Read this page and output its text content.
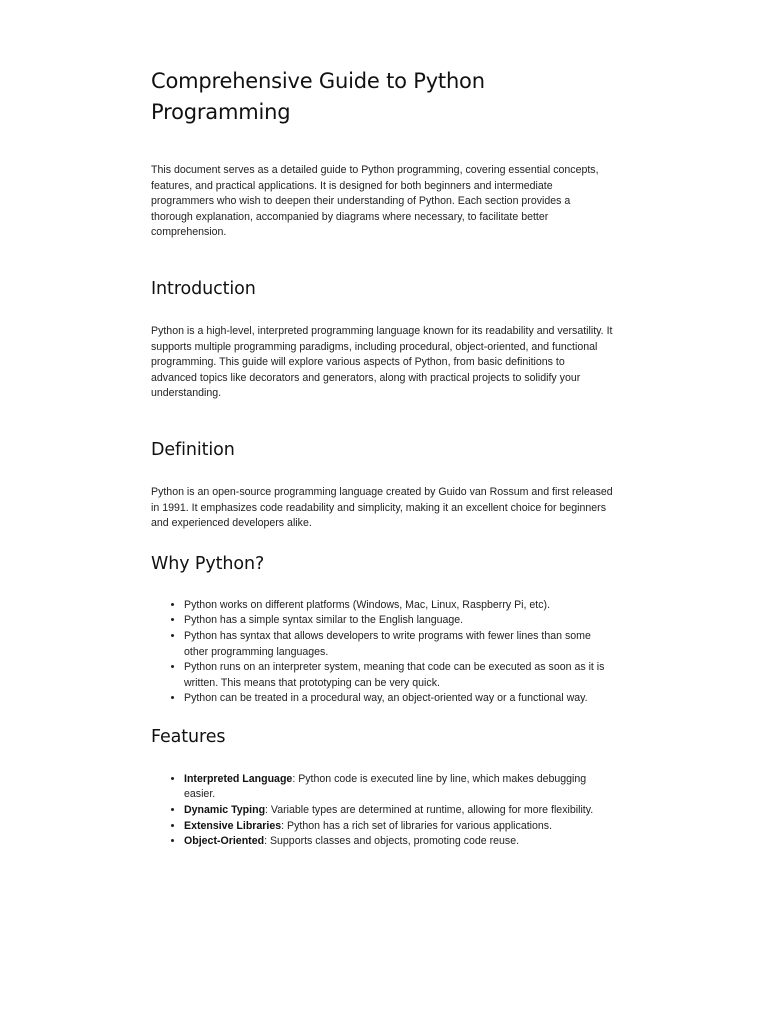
Comprehensive Guide to Python Programming

This document serves as a detailed guide to Python programming, covering essential concepts, features, and practical applications. It is designed for both beginners and intermediate programmers who wish to deepen their understanding of Python. Each section provides a thorough explanation, accompanied by diagrams where necessary, to facilitate better comprehension.

Introduction

Python is a high-level, interpreted programming language known for its readability and versatility. It supports multiple programming paradigms, including procedural, object-oriented, and functional programming. This guide will explore various aspects of Python, from basic definitions to advanced topics like decorators and generators, along with practical projects to solidify your understanding.

Definition

Python is an open-source programming language created by Guido van Rossum and first released in 1991. It emphasizes code readability and simplicity, making it an excellent choice for beginners and experienced developers alike.

Why Python?
• Python works on different platforms (Windows, Mac, Linux, Raspberry Pi, etc).
• Python has a simple syntax similar to the English language.
• Python has syntax that allows developers to write programs with fewer lines than some other programming languages.
• Python runs on an interpreter system, meaning that code can be executed as soon as it is written. This means that prototyping can be very quick.
• Python can be treated in a procedural way, an object-oriented way or a functional way.
Features
• Interpreted Language: Python code is executed line by line, which makes debugging easier.
• Dynamic Typing: Variable types are determined at runtime, allowing for more flexibility.
• Extensive Libraries: Python has a rich set of libraries for various applications.
• Object-Oriented: Supports classes and objects, promoting code reuse.
